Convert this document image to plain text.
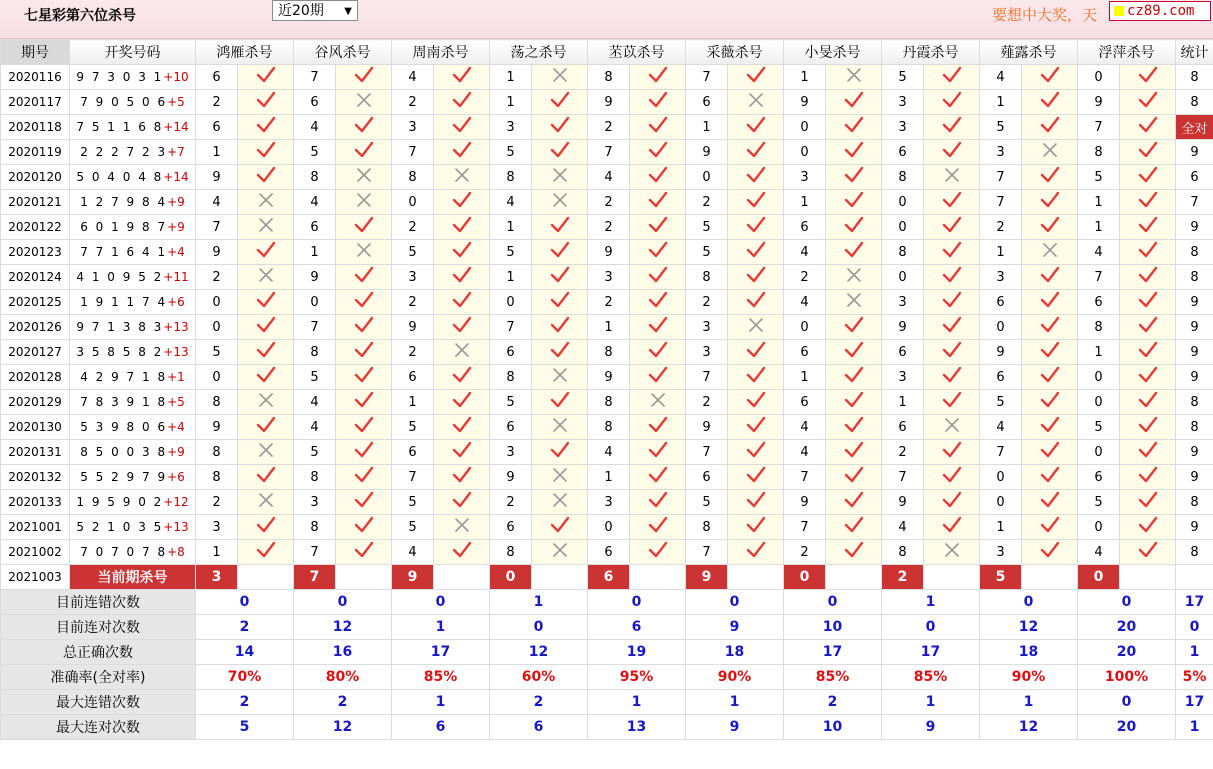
七星彩第六位杀号	近20期 ▼	要想中大奖，天	cz89.com
期号	开奖号码	鸿雁杀号		谷风杀号		周南杀号		荡之杀号		苤苡杀号		采薇杀号		小旻杀号		丹霞杀号		薤露杀号		浮萍杀号		统计
2020116	9 7 3 0 3 1+10	6		7		4		1		8		7		1		5		4		0		8
2020117	7 9 0 5 0 6+5	2		6		2		1		9		6		9		3		1		9		8
2020118	7 5 1 1 6 8+14	6		4		3		3		2		1		0		3		5		7		全对
2020119	2 2 2 7 2 3+7	1		5		7		5		7		9		0		6		3		8		9
2020120	5 0 4 0 4 8+14	9		8		8		8		4		0		3		8		7		5		6
2020121	1 2 7 9 8 4+9	4		4		0		4		2		2		1		0		7		1		7
2020122	6 0 1 9 8 7+9	7		6		2		1		2		5		6		0		2		1		9
2020123	7 7 1 6 4 1+4	9		1		5		5		9		5		4		8		1		4		8
2020124	4 1 0 9 5 2+11	2		9		3		1		3		8		2		0		3		7		8
2020125	1 9 1 1 7 4+6	0		0		2		0		2		2		4		3		6		6		9
2020126	9 7 1 3 8 3+13	0		7		9		7		1		3		0		9		0		8		9
2020127	3 5 8 5 8 2+13	5		8		2		6		8		3		6		6		9		1		9
2020128	4 2 9 7 1 8+1	0		5		6		8		9		7		1		3		6		0		9
2020129	7 8 3 9 1 8+5	8		4		1		5		8		2		6		1		5		0		8
2020130	5 3 9 8 0 6+4	9		4		5		6		8		9		4		6		4		5		8
2020131	8 5 0 0 3 8+9	8		5		6		3		4		7		4		2		7		0		9
2020132	5 5 2 9 7 9+6	8		8		7		9		1		6		7		7		0		6		9
2020133	1 9 5 9 0 2+12	2		3		5		2		3		5		9		9		0		5		8
2021001	5 2 1 0 3 5+13	3		8		5		6		0		8		7		4		1		0		9
2021002	7 0 7 0 7 8+8	1		7		4		8		6		7		2		8		3		4		8
2021003	当前期杀号	3		7		9		0		6		9		0		2		5		0		
目前连错次数		0		0		0		1		0		0		0		1		0		0		17
目前连对次数		2		12		1		0		6		9		10		0		12		20		0
总正确次数		14		16		17		12		19		18		17		17		18		20		1
准确率(全对率)		70%		80%		85%		60%		95%		90%		85%		85%		90%		100%		5%
最大连错次数		2		2		1		2		1		1		2		1		1		0		17
最大连对次数		5		12		6		6		13		9		10		9		12		20		1
